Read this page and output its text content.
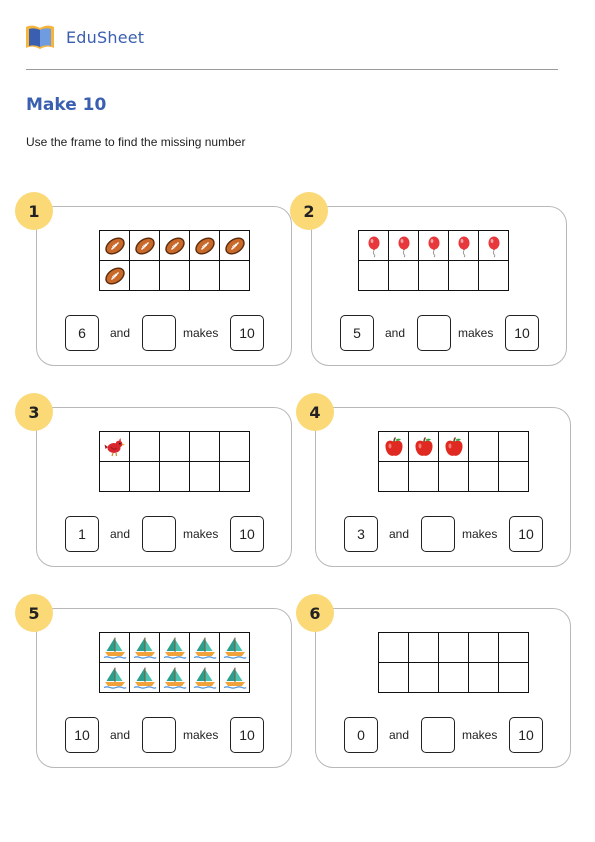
EduSheet
Make 10
Use the frame to find the missing number
6	and	makes	10
1
5	and	makes	10
2
1	and	makes	10
3
3	and	makes	10
4
10	and	makes	10
5
0	and	makes	10
6
